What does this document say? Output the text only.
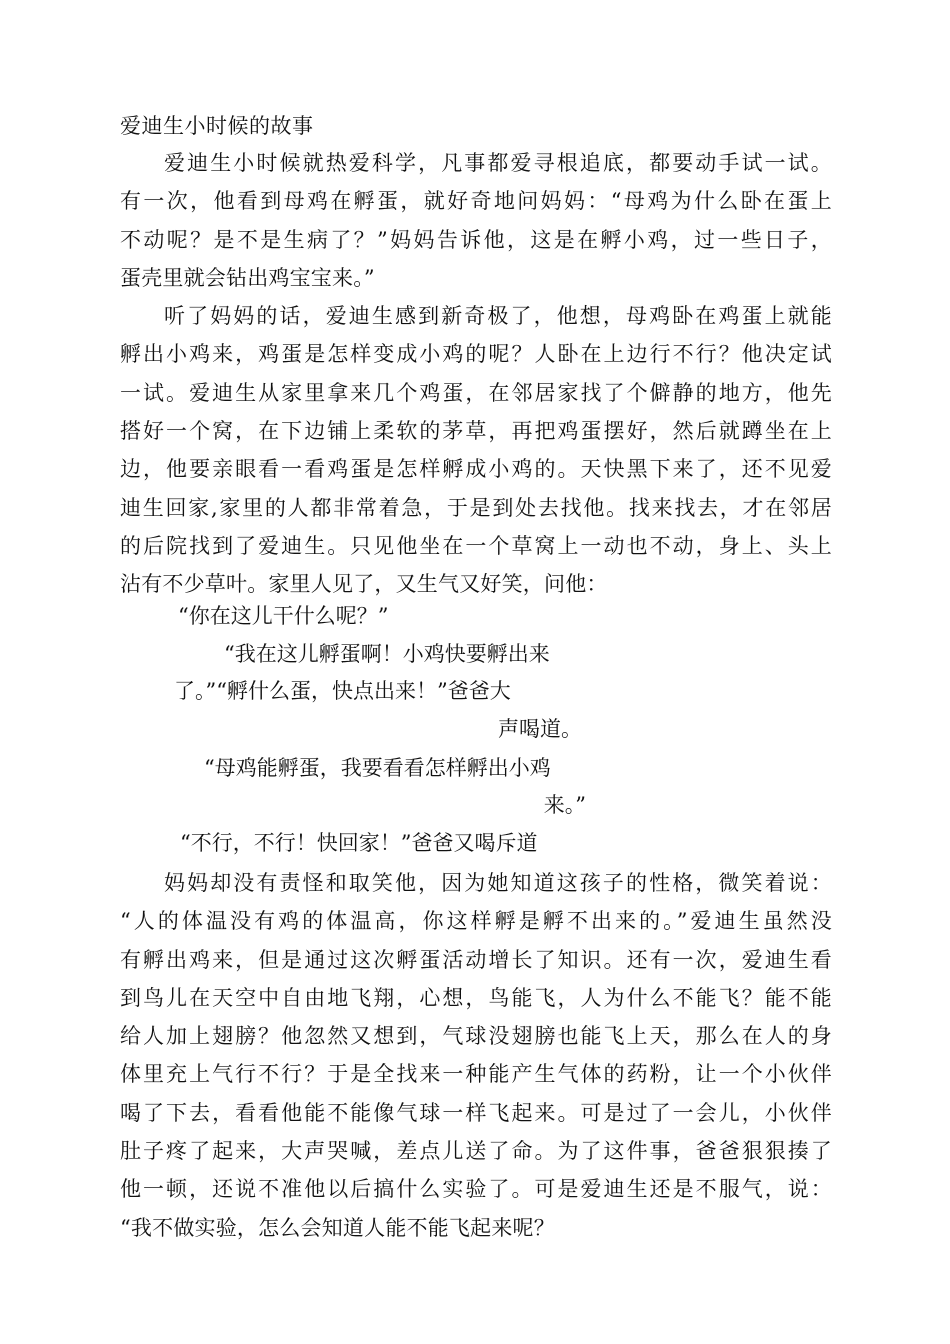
爱迪生小时候的故事
爱迪生小时候就热爱科学，凡事都爱寻根追底，都要动手试一试。
有一次，他看到母鸡在孵蛋，就好奇地问妈妈：“母鸡为什么卧在蛋上
不动呢？是不是生病了？”妈妈告诉他，这是在孵小鸡，过一些日子，
蛋壳里就会钻出鸡宝宝来。”
听了妈妈的话，爱迪生感到新奇极了，他想，母鸡卧在鸡蛋上就能
孵出小鸡来，鸡蛋是怎样变成小鸡的呢？人卧在上边行不行？他决定试
一试。爱迪生从家里拿来几个鸡蛋，在邻居家找了个僻静的地方，他先
搭好一个窝，在下边铺上柔软的茅草，再把鸡蛋摆好，然后就蹲坐在上
边，他要亲眼看一看鸡蛋是怎样孵成小鸡的。天快黑下来了，还不见爱
迪生回家,家里的人都非常着急，于是到处去找他。找来找去，才在邻居
的后院找到了爱迪生。只见他坐在一个草窝上一动也不动，身上、头上
沾有不少草叶。家里人见了，又生气又好笑，问他：
“你在这儿干什么呢？”
“我在这儿孵蛋啊！小鸡快要孵出来
了。”“孵什么蛋，快点出来！”爸爸大
声喝道。
“母鸡能孵蛋，我要看看怎样孵出小鸡
来。”
“不行，不行！快回家！”爸爸又喝斥道
妈妈却没有责怪和取笑他，因为她知道这孩子的性格，微笑着说：
“人的体温没有鸡的体温高，你这样孵是孵不出来的。”爱迪生虽然没
有孵出鸡来，但是通过这次孵蛋活动增长了知识。还有一次，爱迪生看
到鸟儿在天空中自由地飞翔，心想，鸟能飞，人为什么不能飞？能不能
给人加上翅膀？他忽然又想到，气球没翅膀也能飞上天，那么在人的身
体里充上气行不行？于是全找来一种能产生气体的药粉，让一个小伙伴
喝了下去，看看他能不能像气球一样飞起来。可是过了一会儿，小伙伴
肚子疼了起来，大声哭喊，差点儿送了命。为了这件事，爸爸狠狠揍了
他一顿，还说不准他以后搞什么实验了。可是爱迪生还是不服气，说：
“我不做实验，怎么会知道人能不能飞起来呢？
